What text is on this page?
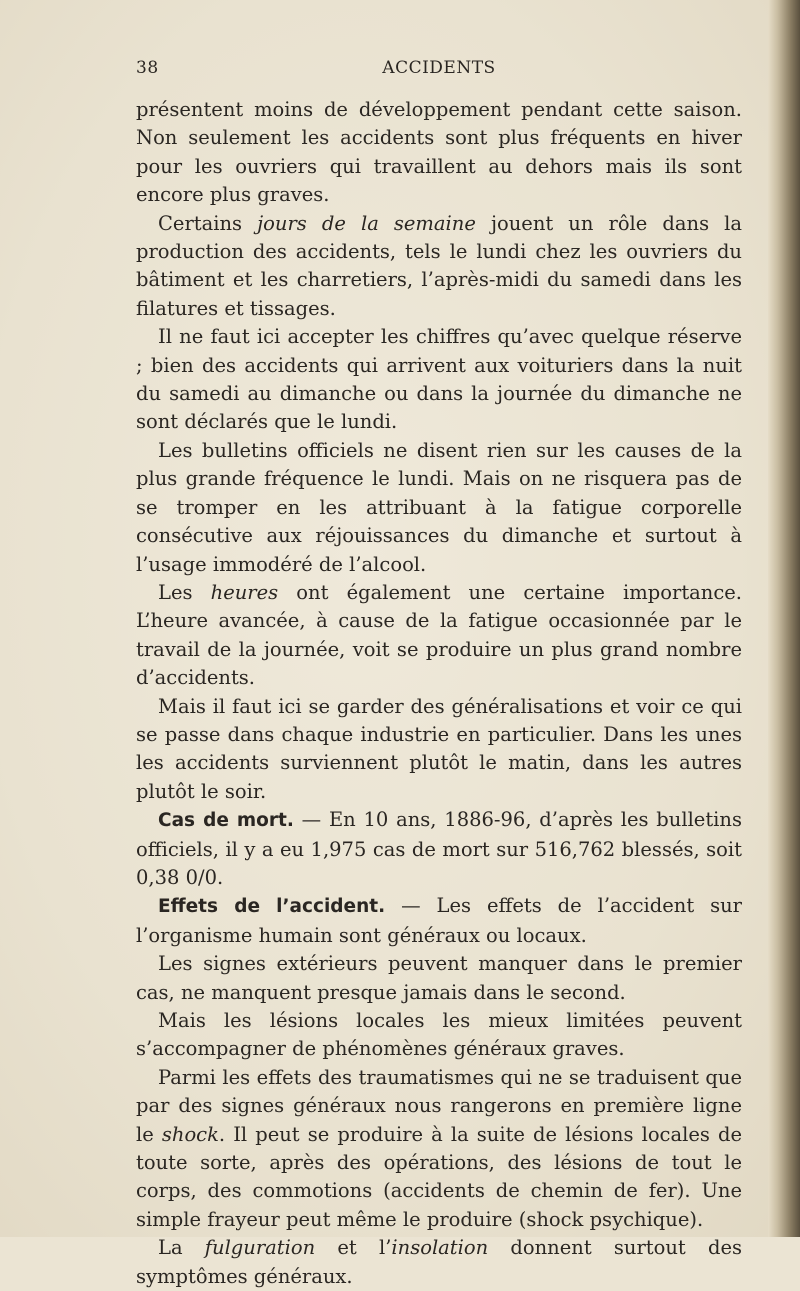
38	ACCIDENTS

présentent moins de développement pendant cette saison. Non seulement les accidents sont plus fréquents en hiver pour les ouvriers qui travaillent au dehors mais ils sont encore plus graves.

Certains jours de la semaine jouent un rôle dans la production des accidents, tels le lundi chez les ouvriers du bâtiment et les charretiers, l’après-midi du samedi dans les filatures et tissages.

Il ne faut ici accepter les chiffres qu’avec quelque réserve ; bien des accidents qui arrivent aux voituriers dans la nuit du samedi au dimanche ou dans la journée du dimanche ne sont déclarés que le lundi.

Les bulletins officiels ne disent rien sur les causes de la plus grande fréquence le lundi. Mais on ne risquera pas de se tromper en les attribuant à la fatigue corporelle consécutive aux réjouissances du dimanche et surtout à l’usage immodéré de l’alcool.

Les heures ont également une certaine importance. L’heure avancée, à cause de la fatigue occasionnée par le travail de la journée, voit se produire un plus grand nombre d’accidents.

Mais il faut ici se garder des généralisations et voir ce qui se passe dans chaque industrie en particulier. Dans les unes les accidents surviennent plutôt le matin, dans les autres plutôt le soir.

Cas de mort. — En 10 ans, 1886-96, d’après les bulletins officiels, il y a eu 1,975 cas de mort sur 516,762 blessés, soit 0,38 0/0.

Effets de l’accident. — Les effets de l’accident sur l’organisme humain sont généraux ou locaux.

Les signes extérieurs peuvent manquer dans le premier cas, ne manquent presque jamais dans le second.

Mais les lésions locales les mieux limitées peuvent s’accompagner de phénomènes généraux graves.

Parmi les effets des traumatismes qui ne se traduisent que par des signes généraux nous rangerons en première ligne le shock. Il peut se produire à la suite de lésions locales de toute sorte, après des opérations, des lésions de tout le corps, des commotions (accidents de chemin de fer). Une simple frayeur peut même le produire (shock psychique).

La fulguration et l’insolation donnent surtout des symptômes généraux.
